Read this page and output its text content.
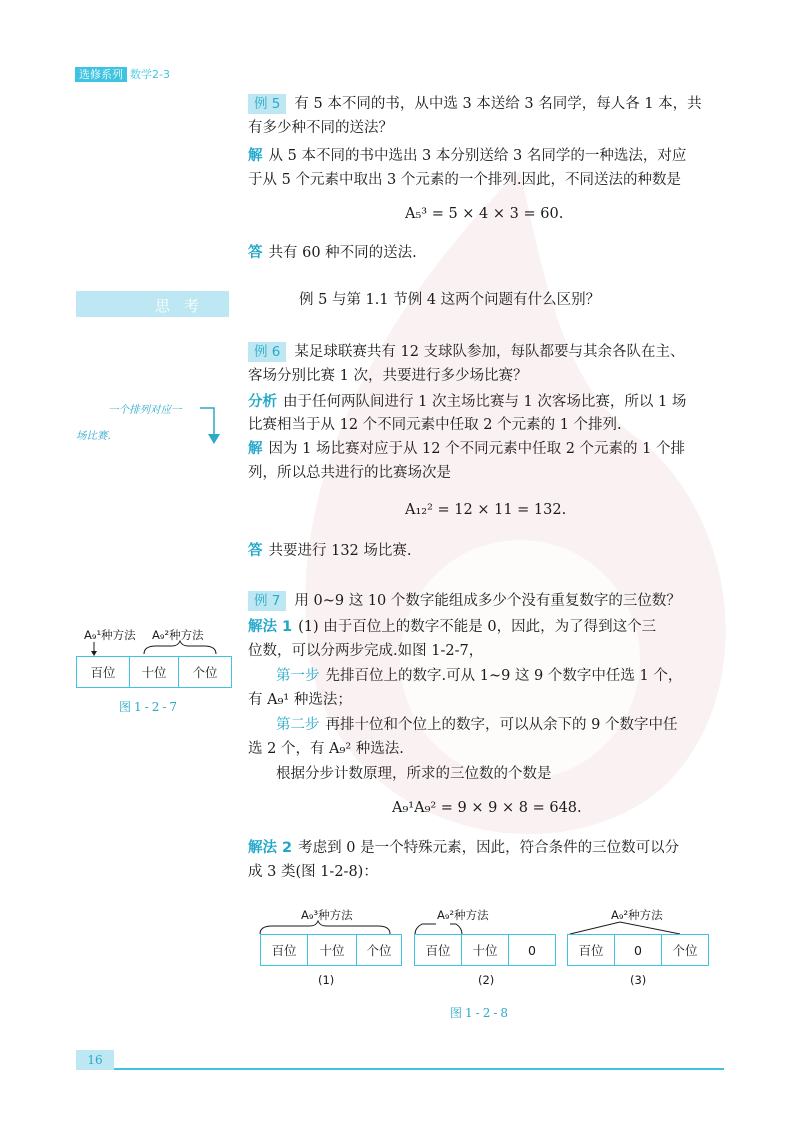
选修系列 数学2-3
例 5 有 5 本不同的书，从中选 3 本送给 3 名同学，每人各 1 本，共
有多少种不同的送法？
解 从 5 本不同的书中选出 3 本分别送给 3 名同学的一种选法，对应
于从 5 个元素中取出 3 个元素的一个排列.因此，不同送法的种数是
A₅³ = 5 × 4 × 3 = 60.
答 共有 60 种不同的送法.
思考	例 5 与第 1.1 节例 4 这两个问题有什么区别？
例 6 某足球联赛共有 12 支球队参加，每队都要与其余各队在主、
客场分别比赛 1 次，共要进行多少场比赛？
分析 由于任何两队间进行 1 次主场比赛与 1 次客场比赛，所以 1 场
比赛相当于从 12 个不同元素中任取 2 个元素的 1 个排列.
解 因为 1 场比赛对应于从 12 个不同元素中任取 2 个元素的 1 个排
列，所以总共进行的比赛场次是
A₁₂² = 12 × 11 = 132.
答 共要进行 132 场比赛.
一个排列对应一
场比赛.
例 7 用 0~9 这 10 个数字能组成多少个没有重复数字的三位数？
解法 1 (1) 由于百位上的数字不能是 0，因此，为了得到这个三
位数，可以分两步完成.如图 1-2-7，
第一步 先排百位上的数字.可从 1~9 这 9 个数字中任选 1 个，
有 A₉¹ 种选法；
第二步 再排十位和个位上的数字，可以从余下的 9 个数字中任
选 2 个，有 A₉² 种选法.
根据分步计数原理，所求的三位数的个数是
A₉¹A₉² = 9 × 9 × 8 = 648.
解法 2 考虑到 0 是一个特殊元素，因此，符合条件的三位数可以分
成 3 类(图 1-2-8)：
A₉¹种方法 A₉²种方法
百位	十位	个位
图1-2-7
A₉³种方法	A₉²种方法	A₉²种方法
百位	十位	个位	百位	十位	0	百位	0	个位
(1)	(2)	(3)
图1-2-8
16
